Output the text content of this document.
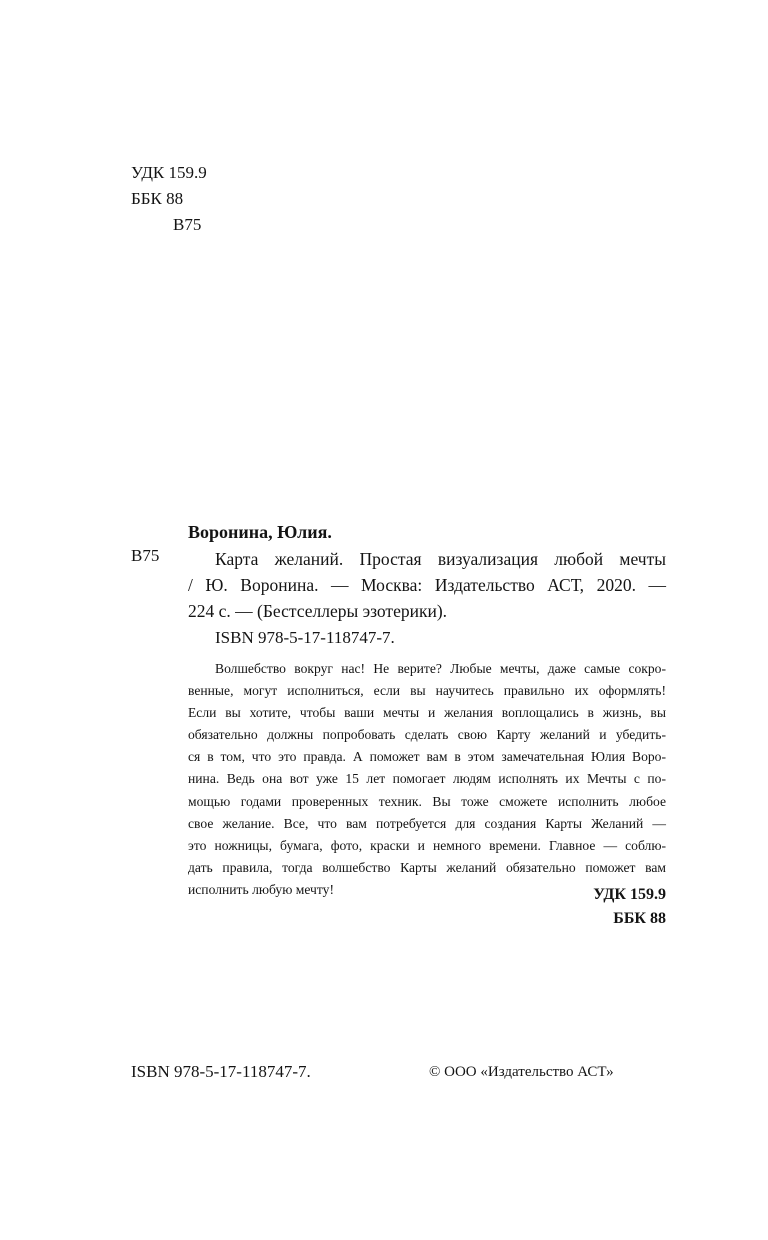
УДК 159.9
ББК 88
В75
Воронина, Юлия.
В75	Карта желаний. Простая визуализация любой мечты
/ Ю. Воронина. — Москва: Издательство АСТ, 2020. —
224 с. — (Бестселлеры эзотерики).
ISBN 978-5-17-118747-7.
Волшебство вокруг нас! Не верите? Любые мечты, даже самые сокро-
венные, могут исполниться, если вы научитесь правильно их оформлять!
Если вы хотите, чтобы ваши мечты и желания воплощались в жизнь, вы
обязательно должны попробовать сделать свою Карту желаний и убедить-
ся в том, что это правда. А поможет вам в этом замечательная Юлия Воро-
нина. Ведь она вот уже 15 лет помогает людям исполнять их Мечты с по-
мощью годами проверенных техник. Вы тоже сможете исполнить любое
свое желание. Все, что вам потребуется для создания Карты Желаний —
это ножницы, бумага, фото, краски и немного времени. Главное — соблю-
дать правила, тогда волшебство Карты желаний обязательно поможет вам
исполнить любую мечту!	УДК 159.9
ББК 88
ISBN 978-5-17-118747-7.	© ООО «Издательство АСТ»
